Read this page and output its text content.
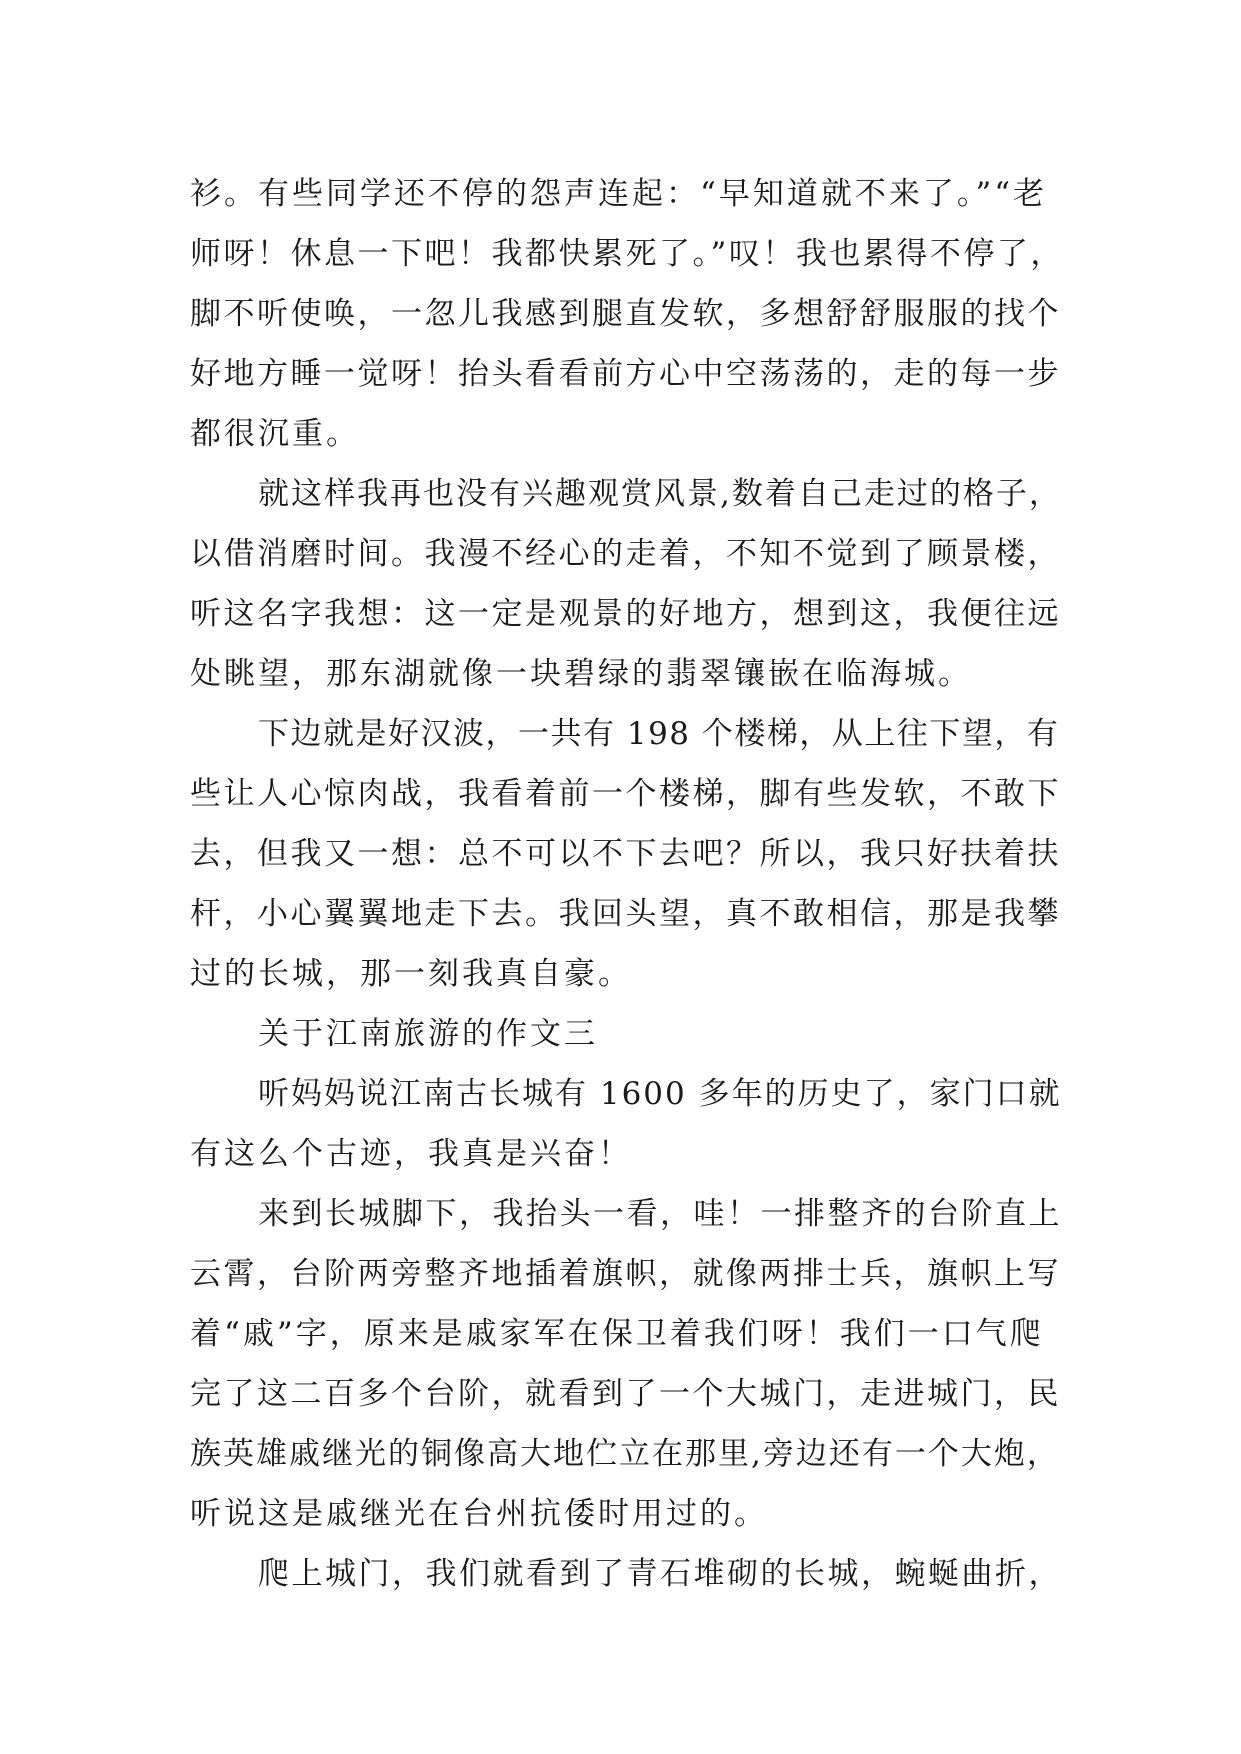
衫。有些同学还不停的怨声连起：“早知道就不来了。”“老

师呀！休息一下吧！我都快累死了。”叹！我也累得不停了，

脚不听使唤，一忽儿我感到腿直发软，多想舒舒服服的找个

好地方睡一觉呀！抬头看看前方心中空荡荡的，走的每一步

都很沉重。

就这样我再也没有兴趣观赏风景,数着自己走过的格子，

以借消磨时间。我漫不经心的走着，不知不觉到了顾景楼，

听这名字我想：这一定是观景的好地方，想到这，我便往远

处眺望，那东湖就像一块碧绿的翡翠镶嵌在临海城。

下边就是好汉波，一共有 198 个楼梯，从上往下望，有

些让人心惊肉战，我看着前一个楼梯，脚有些发软，不敢下

去，但我又一想：总不可以不下去吧？所以，我只好扶着扶

杆，小心翼翼地走下去。我回头望，真不敢相信，那是我攀

过的长城，那一刻我真自豪。

关于江南旅游的作文三

听妈妈说江南古长城有 1600 多年的历史了，家门口就

有这么个古迹，我真是兴奋！

来到长城脚下，我抬头一看，哇！一排整齐的台阶直上

云霄，台阶两旁整齐地插着旗帜，就像两排士兵，旗帜上写

着“戚”字，原来是戚家军在保卫着我们呀！我们一口气爬

完了这二百多个台阶，就看到了一个大城门，走进城门，民

族英雄戚继光的铜像高大地伫立在那里,旁边还有一个大炮，

听说这是戚继光在台州抗倭时用过的。

爬上城门，我们就看到了青石堆砌的长城，蜿蜒曲折，
